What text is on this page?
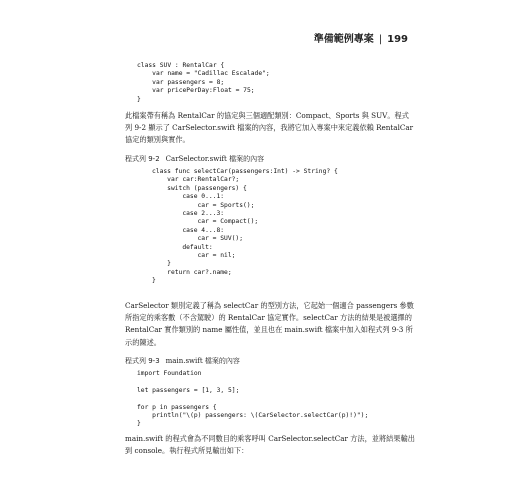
準備範例專案 | 199
class SUV : RentalCar {
var name = "Cadillac Escalade";
var passengers = 8;
var pricePerDay:Float = 75;
}
此檔案帶有稱為 RentalCar 的協定與三個適配類別：Compact、Sports 與 SUV。程式列 9-2 顯示了 CarSelector.swift 檔案的內容，我將它加入專案中來定義依賴 RentalCar 協定的類別與實作。
程式列 9-2 CarSelector.swift 檔案的內容
class func selectCar(passengers:Int) -> String? {
var car:RentalCar?;
switch (passengers) {
case 0...1:
car = Sports();
case 2...3:
car = Compact();
case 4...8:
car = SUV();
default:
car = nil;
}
return car?.name;
}
CarSelector 類別定義了稱為 selectCar 的型別方法，它起始一個適合 passengers 參數所指定的乘客數（不含駕駛）的 RentalCar 協定實作。selectCar 方法的結果是被選擇的 RentalCar 實作類別的 name 屬性值，並且也在 main.swift 檔案中加入如程式列 9-3 所示的陳述。
程式列 9-3 main.swift 檔案的內容
import Foundation

let passengers = [1, 3, 5];

for p in passengers {
println("\(p) passengers: \(CarSelector.selectCar(p)!)");
}
main.swift 的程式會為不同數目的乘客呼叫 CarSelector.selectCar 方法，並將結果輸出到 console。執行程式所見輸出如下：
